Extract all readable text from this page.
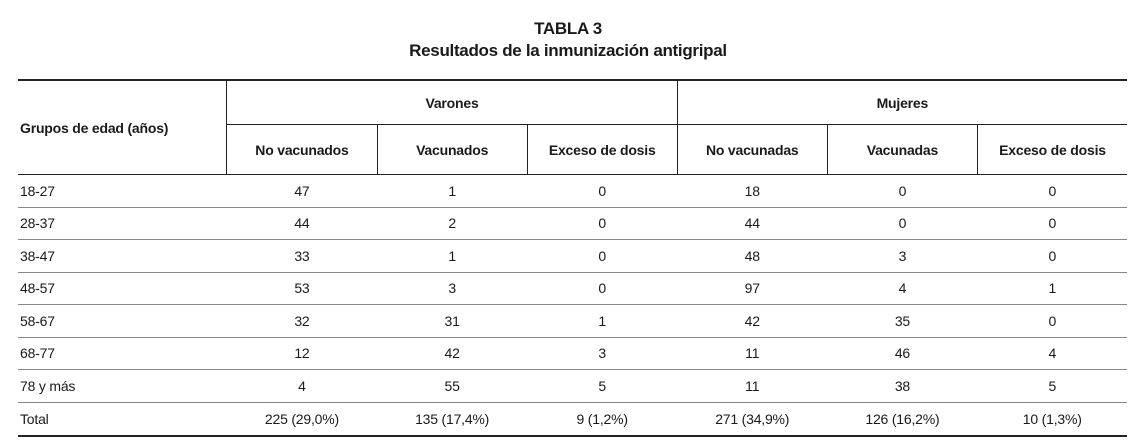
TABLA 3
Resultados de la inmunización antigripal
Grupos de edad (años)	Varones			Mujeres		
	No vacunados	Vacunados	Exceso de dosis	No vacunadas	Vacunadas	Exceso de dosis
18-27	47	1	0	18	0	0
28-37	44	2	0	44	0	0
38-47	33	1	0	48	3	0
48-57	53	3	0	97	4	1
58-67	32	31	1	42	35	0
68-77	12	42	3	11	46	4
78 y más	4	55	5	11	38	5
Total	225 (29,0%)	135 (17,4%)	9 (1,2%)	271 (34,9%)	126 (16,2%)	10 (1,3%)
